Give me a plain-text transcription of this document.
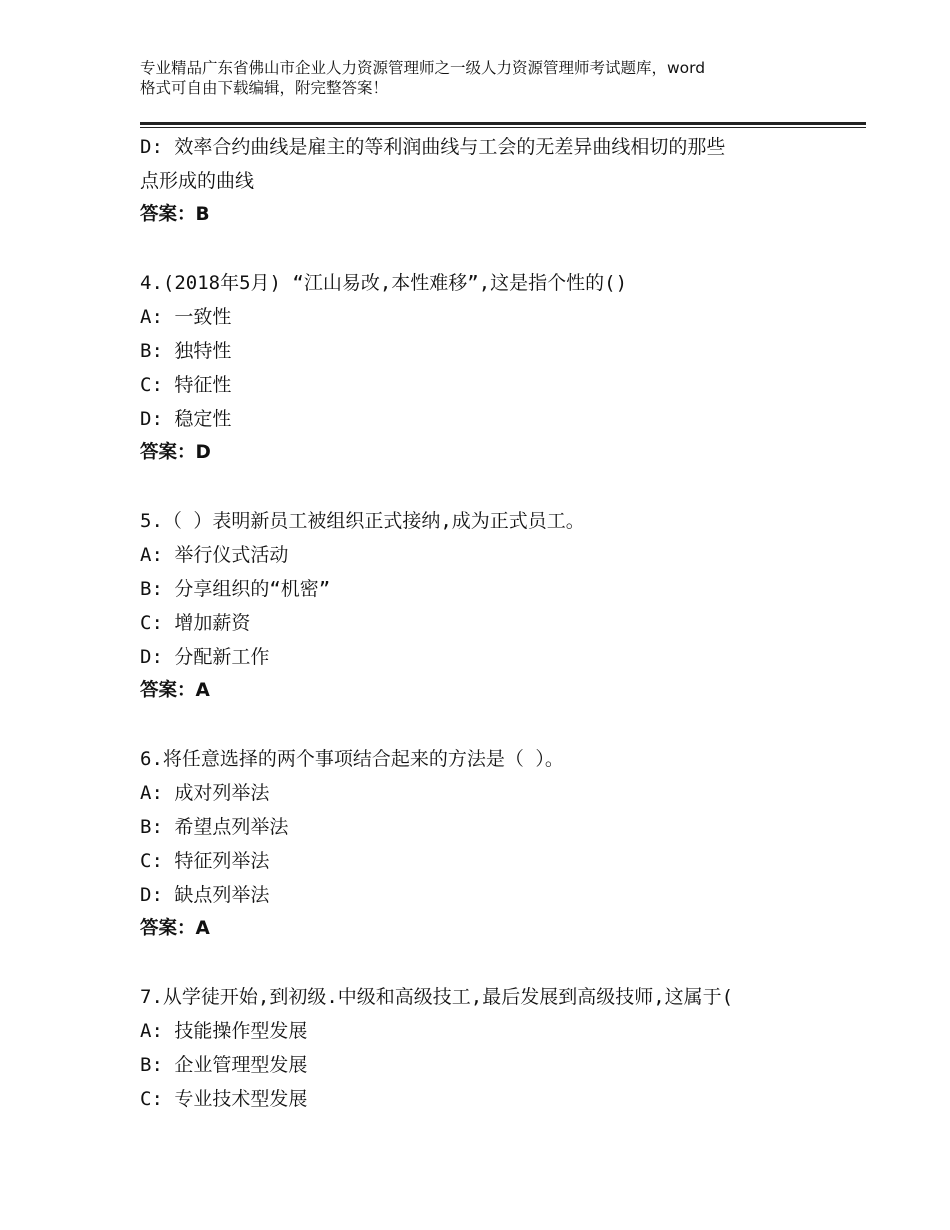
专业精品广东省佛山市企业人力资源管理师之一级人力资源管理师考试题库，word
格式可自由下载编辑，附完整答案！
D: 效率合约曲线是雇主的等利润曲线与工会的无差异曲线相切的那些
点形成的曲线
答案：B
4.(2018年5月) “江山易改,本性难移”,这是指个性的()
A: 一致性
B: 独特性
C: 特征性
D: 稳定性
答案：D
5.（ ）表明新员工被组织正式接纳,成为正式员工。
A: 举行仪式活动
B: 分享组织的“机密”
C: 增加薪资
D: 分配新工作
答案：A
6.将任意选择的两个事项结合起来的方法是（ ）。
A: 成对列举法
B: 希望点列举法
C: 特征列举法
D: 缺点列举法
答案：A
7.从学徒开始,到初级.中级和高级技工,最后发展到高级技师,这属于(
A: 技能操作型发展
B: 企业管理型发展
C: 专业技术型发展
